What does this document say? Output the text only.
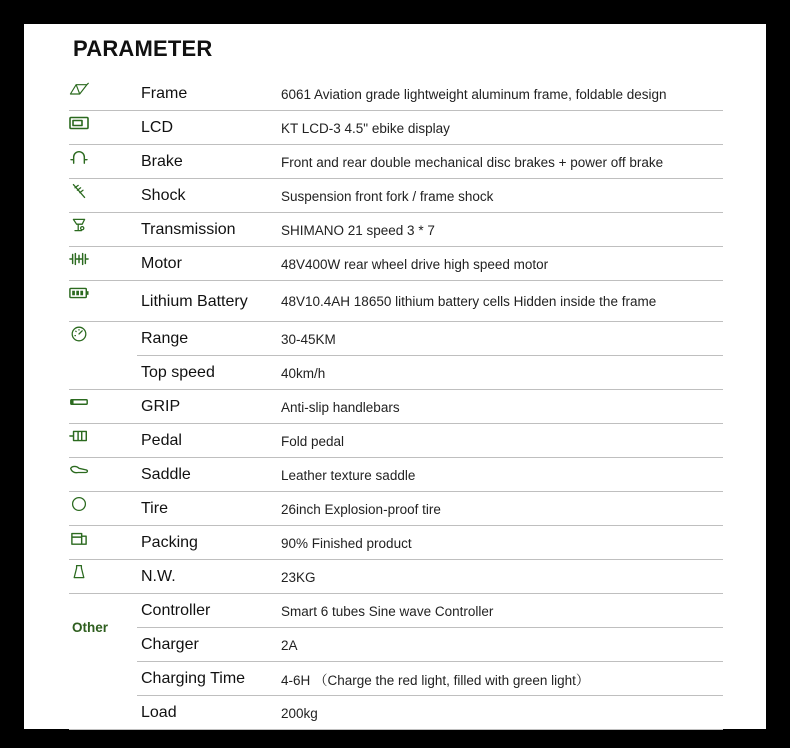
PARAMETER
Other
Frame	6061 Aviation grade lightweight aluminum frame, foldable design
LCD	KT LCD-3 4.5" ebike display
Brake	Front and rear double mechanical disc brakes + power off brake
Shock	Suspension front fork / frame shock
Transmission	SHIMANO 21 speed 3 * 7
Motor	48V400W rear wheel drive high speed motor
Lithium Battery	48V10.4AH 18650 lithium battery cells Hidden inside the frame
Range	30-45KM
Top speed	40km/h
GRIP	Anti-slip handlebars
Pedal	Fold pedal
Saddle	Leather texture saddle
Tire	26inch Explosion-proof tire
Packing	90% Finished product
N.W.	23KG
Controller	Smart 6 tubes Sine wave Controller
Charger	2A
Charging Time	4-6H （Charge the red light, filled with green light）
Load	200kg
